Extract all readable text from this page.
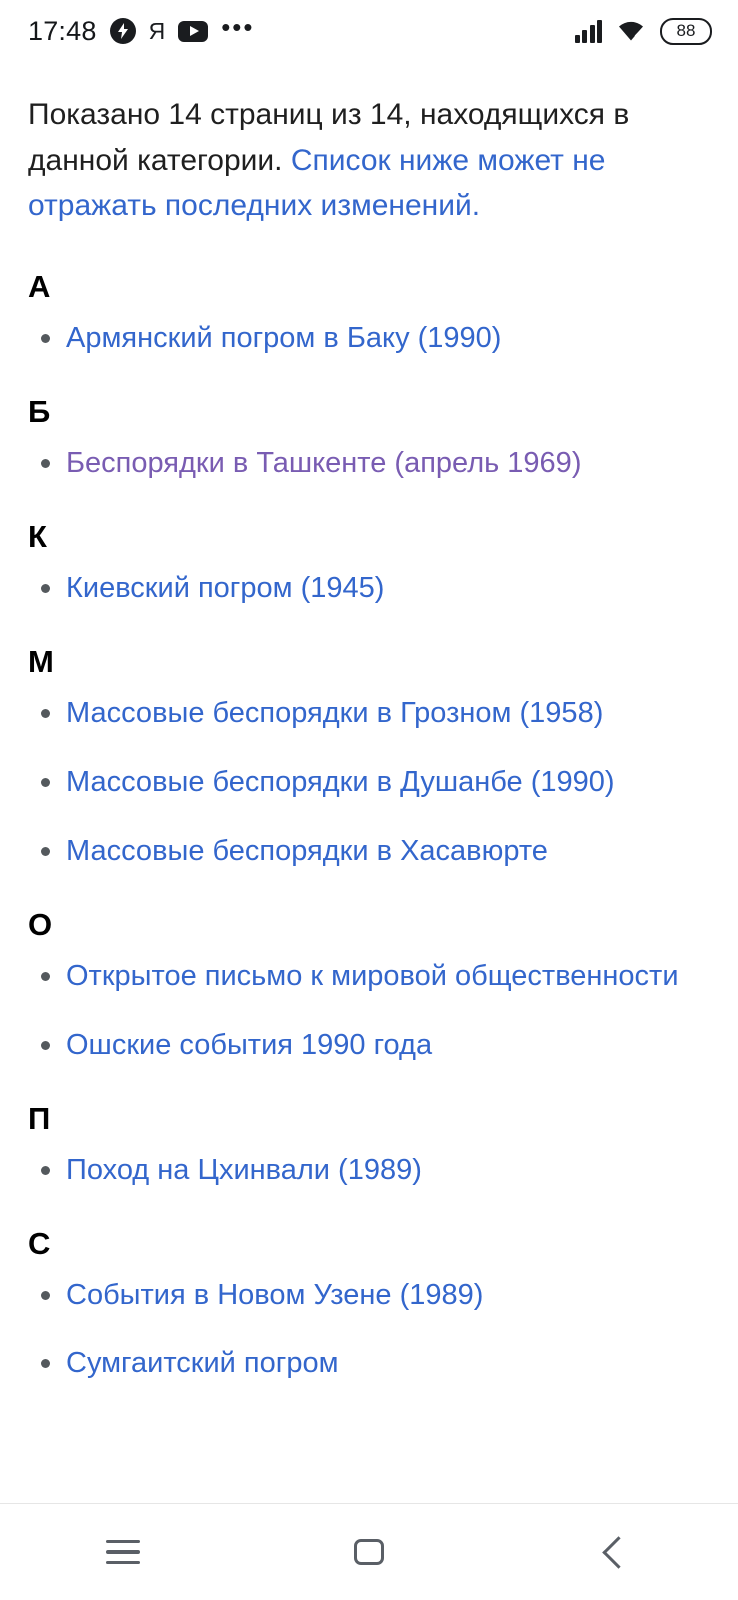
17:48 Я •••	88

Показано 14 страниц из 14, находящихся в данной категории. Список ниже может не отражать последних изменений.

А
Армянский погром в Баку (1990)
Б
Беспорядки в Ташкенте (апрель 1969)
К
Киевский погром (1945)
М
Массовые беспорядки в Грозном (1958)
Массовые беспорядки в Душанбе (1990)
Массовые беспорядки в Хасавюрте
О
Открытое письмо к мировой общественности
Ошские события 1990 года
П
Поход на Цхинвали (1989)
С
События в Новом Узене (1989)
Сумгаитский погром
